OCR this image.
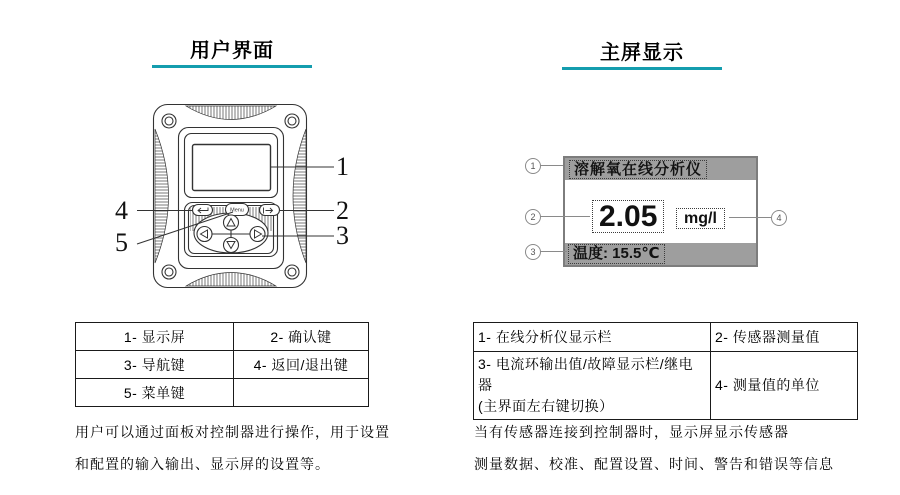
用户界面
Menu
1
2
3
4
5
1- 显示屏	2- 确认键
3- 导航键	4- 返回/退出键
5- 菜单键	
用户可以通过面板对控制器进行操作，用于设置
和配置的输入输出、显示屏的设置等。
主屏显示
溶解氧在线分析仪
2.05	mg/l
温度: 15.5℃
1
2
3
4
1- 在线分析仪显示栏	2- 传感器测量值

3- 电流环输出值/故障显示栏/继电器
(主界面左右键切换）	4- 测量值的单位
当有传感器连接到控制器时，显示屏显示传感器
测量数据、校准、配置设置、时间、警告和错误等信息
